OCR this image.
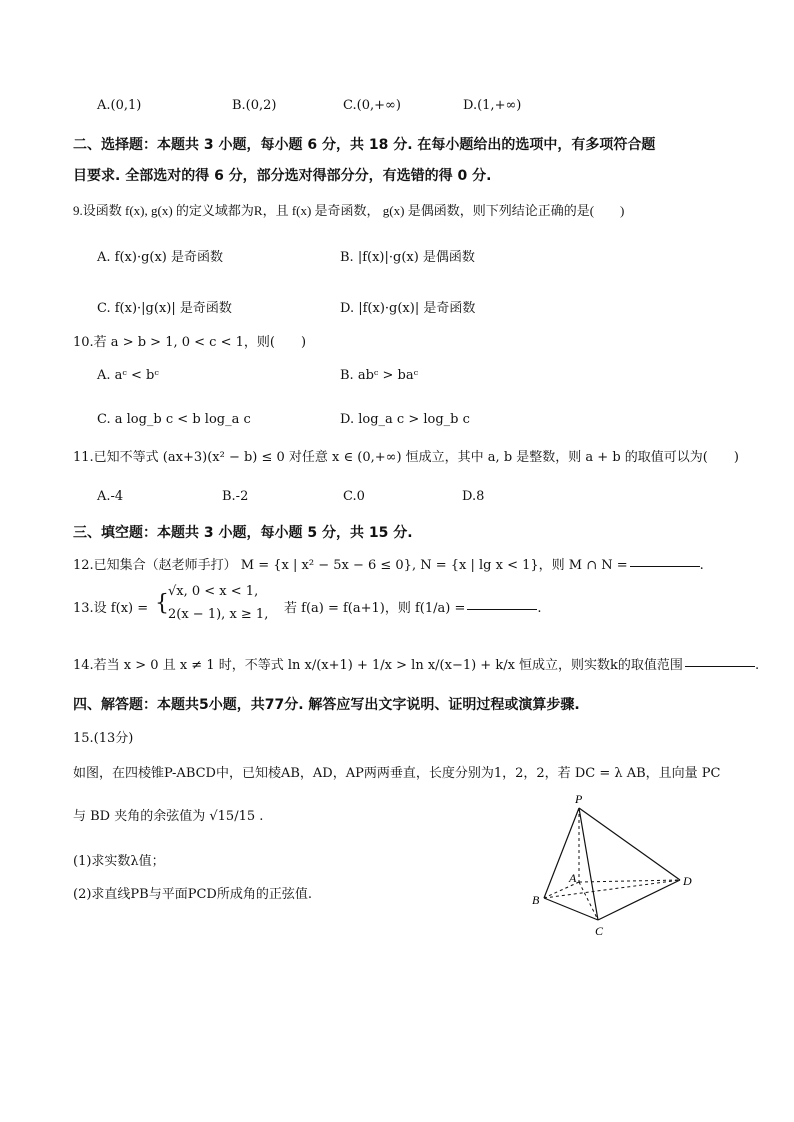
A.(0,1)	B.(0,2)	C.(0,+∞)	D.(1,+∞)
二、选择题：本题共 3 小题，每小题 6 分，共 18 分. 在每小题给出的选项中，有多项符合题
目要求. 全部选对的得 6 分，部分选对得部分分，有选错的得 0 分.
9.设函数 f(x), g(x) 的定义域都为R，且 f(x) 是奇函数， g(x) 是偶函数，则下列结论正确的是(　　)
A. f(x)·g(x) 是奇函数	B. |f(x)|·g(x) 是偶函数
C. f(x)·|g(x)| 是奇函数	D. |f(x)·g(x)| 是奇函数
10.若 a > b > 1, 0 < c < 1，则(　　)
A. aᶜ < bᶜ	B. abᶜ > baᶜ
C. a log_b c < b log_a c	D. log_a c > log_b c
11.已知不等式 (ax+3)(x² − b) ≤ 0 对任意 x ∈ (0,+∞) 恒成立，其中 a, b 是整数，则 a + b 的取值可以为(　　)
A.-4	B.-2	C.0	D.8
三、填空题：本题共 3 小题，每小题 5 分，共 15 分.
12.已知集合（赵老师手打） M = {x | x² − 5x − 6 ≤ 0}, N = {x | lg x < 1}，则 M ∩ N =	.
13.设 f(x) = { √x, 0 < x < 1,
2(x − 1), x ≥ 1, 若 f(a) = f(a+1)，则 f(1/a) =	.
14.若当 x > 0 且 x ≠ 1 时，不等式 ln x/(x+1) + 1/x > ln x/(x−1) + k/x 恒成立，则实数k的取值范围	.
四、解答题：本题共5小题，共77分. 解答应写出文字说明、证明过程或演算步骤.
15.(13分)
如图，在四棱锥P-ABCD中，已知棱AB，AD，AP两两垂直，长度分别为1，2，2，若 DC = λ AB，且向量 PC
与 BD 夹角的余弦值为 √15/15 .
(1)求实数λ值；
(2)求直线PB与平面PCD所成角的正弦值.
P
A
B
C
D
